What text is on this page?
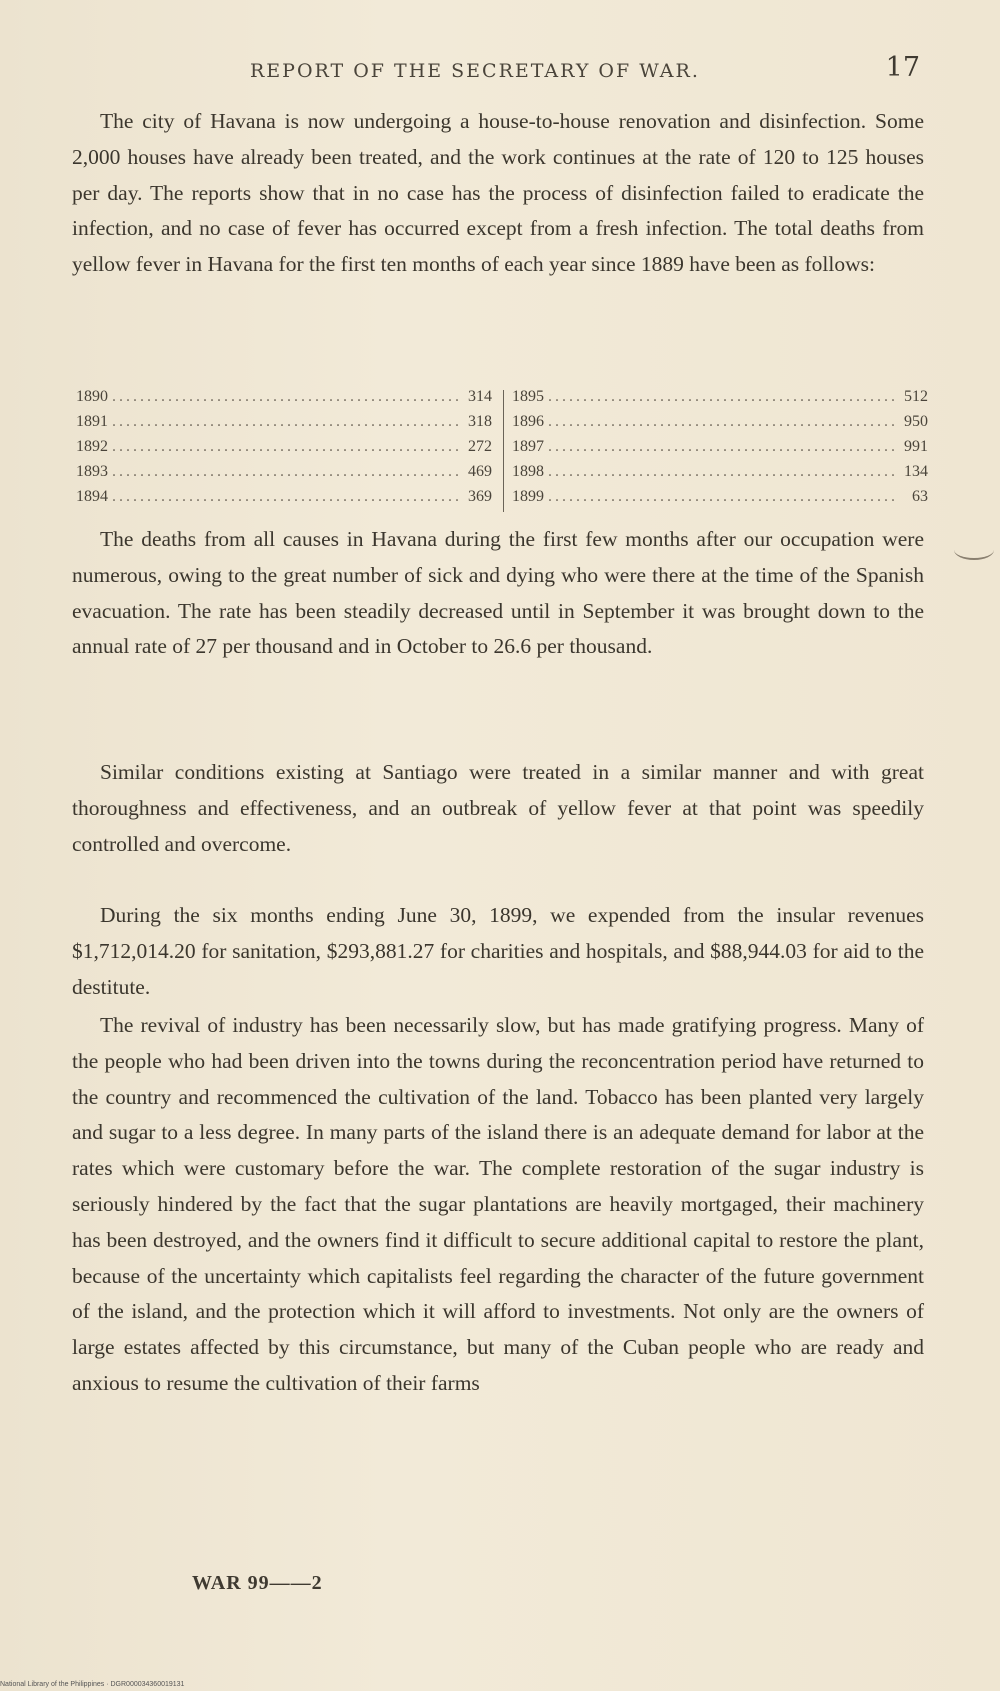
REPORT OF THE SECRETARY OF WAR.	17

The city of Havana is now undergoing a house-to-house renovation and disinfection. Some 2,000 houses have already been treated, and the work continues at the rate of 120 to 125 houses per day. The reports show that in no case has the process of disinfection failed to eradicate the infection, and no case of fever has occurred except from a fresh infection. The total deaths from yellow fever in Havana for the first ten months of each year since 1889 have been as follows:

1890 .....	314
1891 .....	318
1892 .....	272
1893 .....	469
1894 .....	369
1895 .....	512
1896 .....	950
1897 .....	991
1898 .....	134
1899 .....	63

The deaths from all causes in Havana during the first few months after our occupation were numerous, owing to the great number of sick and dying who were there at the time of the Spanish evacuation. The rate has been steadily decreased until in September it was brought down to the annual rate of 27 per thousand and in October to 26.6 per thousand.

Similar conditions existing at Santiago were treated in a similar manner and with great thoroughness and effectiveness, and an outbreak of yellow fever at that point was speedily controlled and overcome.

During the six months ending June 30, 1899, we expended from the insular revenues $1,712,014.20 for sanitation, $293,881.27 for charities and hospitals, and $88,944.03 for aid to the destitute.

The revival of industry has been necessarily slow, but has made gratifying progress. Many of the people who had been driven into the towns during the reconcentration period have returned to the country and recommenced the cultivation of the land. Tobacco has been planted very largely and sugar to a less degree. In many parts of the island there is an adequate demand for labor at the rates which were customary before the war. The complete restoration of the sugar industry is seriously hindered by the fact that the sugar plantations are heavily mortgaged, their machinery has been destroyed, and the owners find it difficult to secure additional capital to restore the plant, because of the uncertainty which capitalists feel regarding the character of the future government of the island, and the protection which it will afford to investments. Not only are the owners of large estates affected by this circumstance, but many of the Cuban people who are ready and anxious to resume the cultivation of their farms

WAR 99——2
National Library of the Philippines · DGR000034360019131
